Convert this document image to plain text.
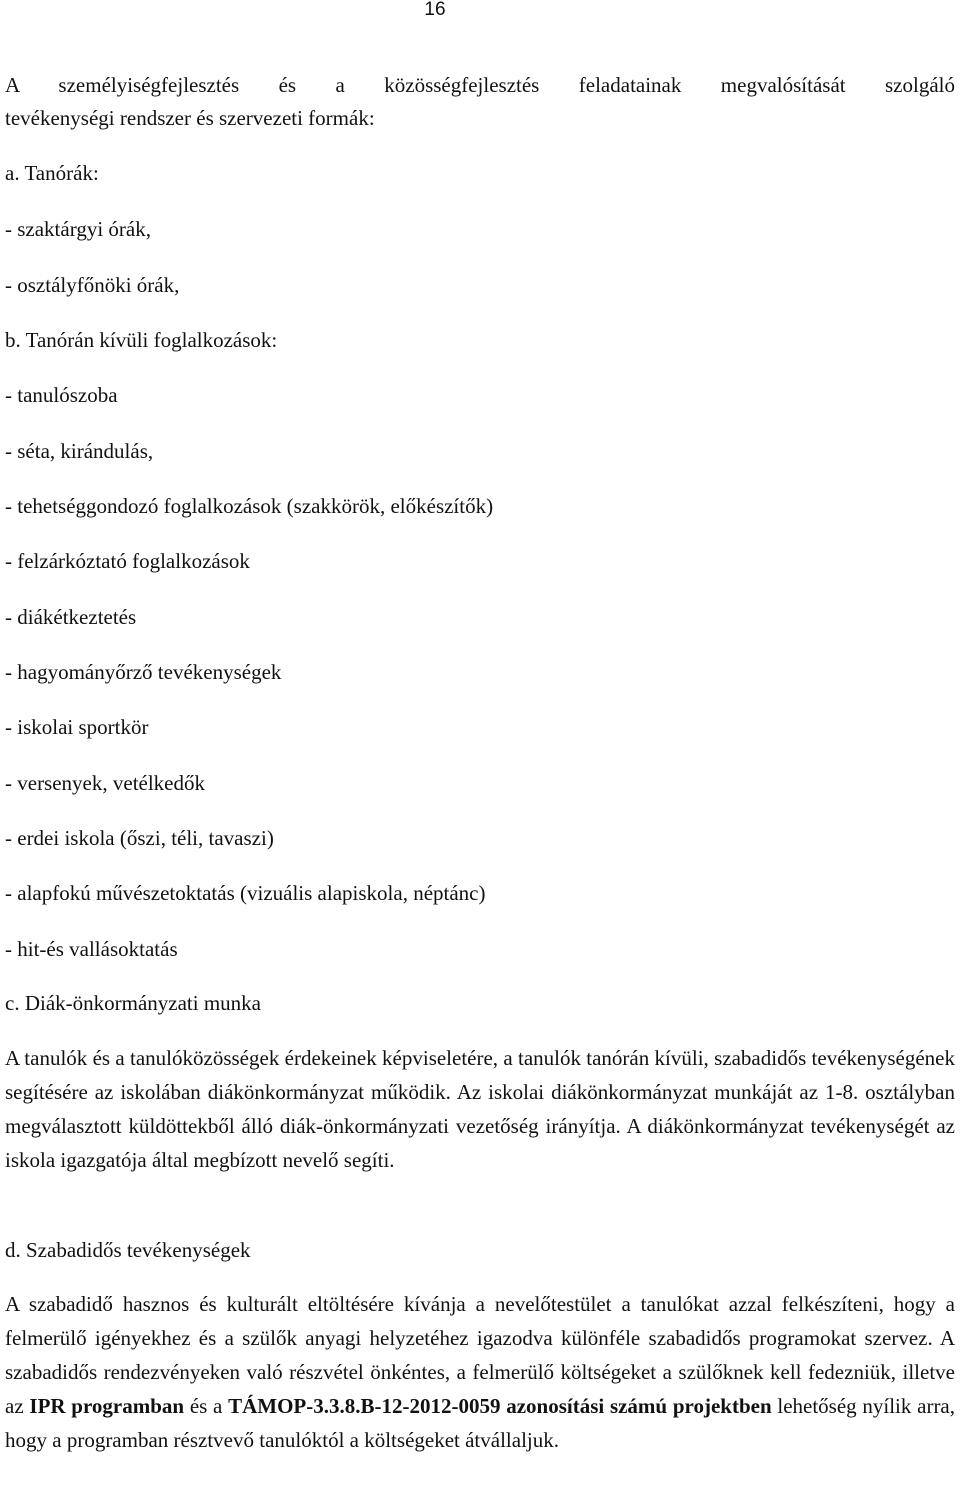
16
A személyiségfejlesztés és a közösségfejlesztés feladatainak megvalósítását szolgáló
tevékenységi rendszer és szervezeti formák:
a. Tanórák:
- szaktárgyi órák,
- osztályfőnöki órák,
b. Tanórán kívüli foglalkozások:
- tanulószoba
- séta, kirándulás,
- tehetséggondozó foglalkozások (szakkörök, előkészítők)
- felzárkóztató foglalkozások
- diákétkeztetés
- hagyományőrző tevékenységek
- iskolai sportkör
- versenyek, vetélkedők
- erdei iskola (őszi, téli, tavaszi)
- alapfokú művészetoktatás (vizuális alapiskola, néptánc)
- hit-és vallásoktatás
c. Diák-önkormányzati munka
A tanulók és a tanulóközösségek érdekeinek képviseletére, a tanulók tanórán kívüli, szabadidős tevékenységének segítésére az iskolában diákönkormányzat működik. Az iskolai diákönkormányzat munkáját az 1-8. osztályban megválasztott küldöttekből álló diák-önkormányzati vezetőség irányítja. A diákönkormányzat tevékenységét az iskola igazgatója által megbízott nevelő segíti.
d. Szabadidős tevékenységek
A szabadidő hasznos és kulturált eltöltésére kívánja a nevelőtestület a tanulókat azzal felkészíteni, hogy a felmerülő igényekhez és a szülők anyagi helyzetéhez igazodva különféle szabadidős programokat szervez. A szabadidős rendezvényeken való részvétel önkéntes, a felmerülő költségeket a szülőknek kell fedezniük, illetve az IPR programban és a TÁMOP-3.3.8.B-12-2012-0059 azonosítási számú projektben lehetőség nyílik arra, hogy a programban résztvevő tanulóktól a költségeket átvállaljuk.
